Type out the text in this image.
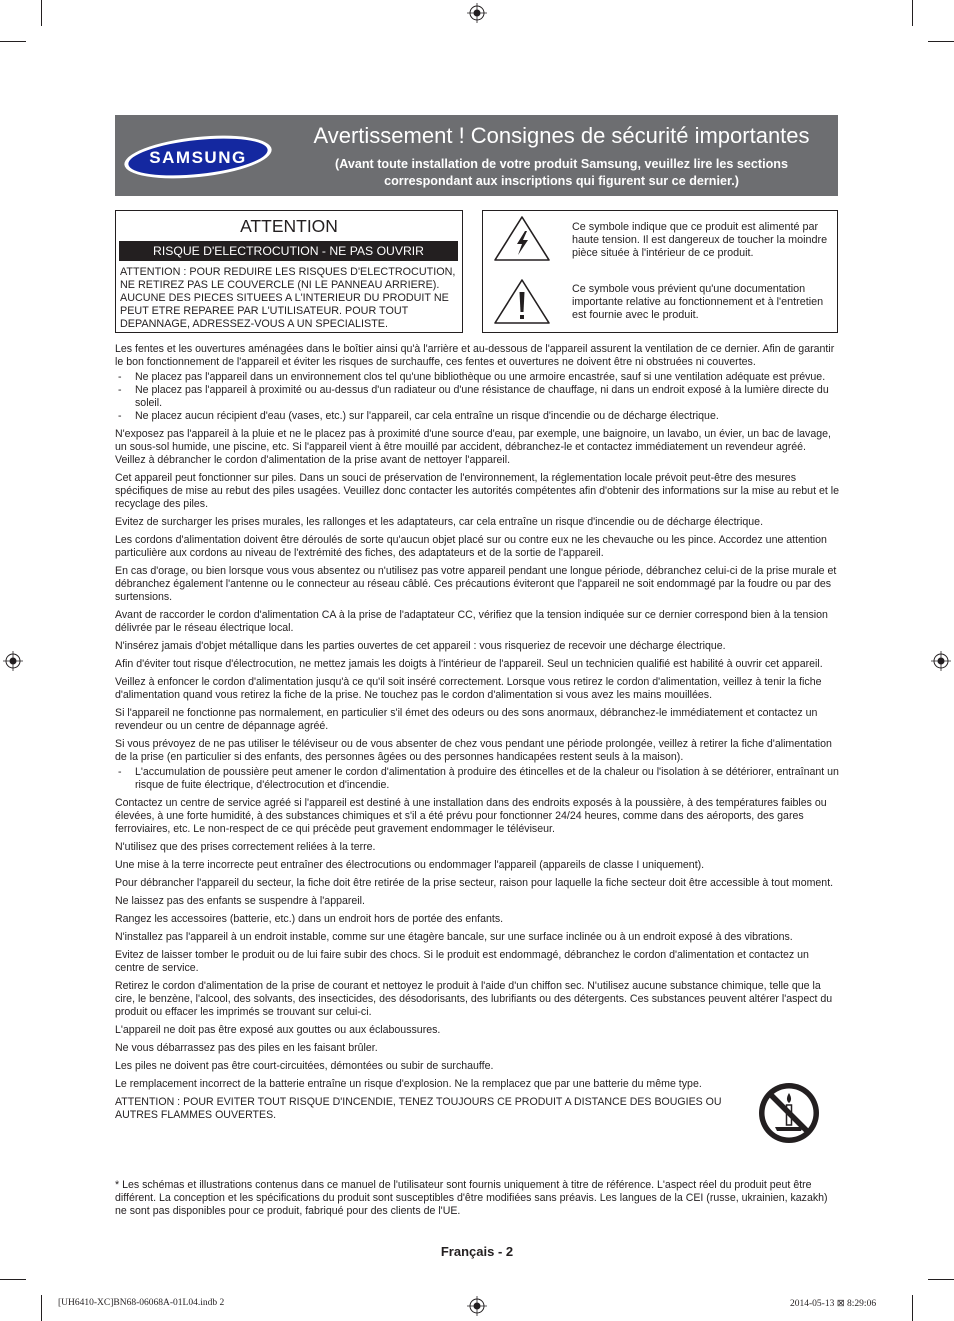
SAMSUNG
Avertissement ! Consignes de sécurité importantes
(Avant toute installation de votre produit Samsung, veuillez lire les sections
correspondant aux inscriptions qui figurent sur ce dernier.)
ATTENTION
RISQUE D'ELECTROCUTION - NE PAS OUVRIR
ATTENTION : POUR REDUIRE LES RISQUES D'ELECTROCUTION, NE RETIREZ PAS LE COUVERCLE (NI LE PANNEAU ARRIERE). AUCUNE DES PIECES SITUEES A L'INTERIEUR DU PRODUIT NE PEUT ETRE REPAREE PAR L'UTILISATEUR. POUR TOUT DEPANNAGE, ADRESSEZ-VOUS A UN SPECIALISTE.
Ce symbole indique que ce produit est alimenté par haute tension. Il est dangereux de toucher la moindre pièce située à l'intérieur de ce produit.
Ce symbole vous prévient qu'une documentation importante relative au fonctionnement et à l'entretien est fournie avec le produit.

Les fentes et les ouvertures aménagées dans le boîtier ainsi qu'à l'arrière et au-dessous de l'appareil assurent la ventilation de ce dernier. Afin de garantir le bon fonctionnement de l'appareil et éviter les risques de surchauffe, ces fentes et ouvertures ne doivent être ni obstruées ni couvertes.

- Ne placez pas l'appareil dans un environnement clos tel qu'une bibliothèque ou une armoire encastrée, sauf si une ventilation adéquate est prévue.

- Ne placez pas l'appareil à proximité ou au-dessus d'un radiateur ou d'une résistance de chauffage, ni dans un endroit exposé à la lumière directe du soleil.

- Ne placez aucun récipient d'eau (vases, etc.) sur l'appareil, car cela entraîne un risque d'incendie ou de décharge électrique.

N'exposez pas l'appareil à la pluie et ne le placez pas à proximité d'une source d'eau, par exemple, une baignoire, un lavabo, un évier, un bac de lavage, un sous-sol humide, une piscine, etc. Si l'appareil vient à être mouillé par accident, débranchez-le et contactez immédiatement un revendeur agréé. Veillez à débrancher le cordon d'alimentation de la prise avant de nettoyer l'appareil.

Cet appareil peut fonctionner sur piles. Dans un souci de préservation de l'environnement, la réglementation locale prévoit peut-être des mesures spécifiques de mise au rebut des piles usagées. Veuillez donc contacter les autorités compétentes afin d'obtenir des informations sur la mise au rebut et le recyclage des piles.

Evitez de surcharger les prises murales, les rallonges et les adaptateurs, car cela entraîne un risque d'incendie ou de décharge électrique.

Les cordons d'alimentation doivent être déroulés de sorte qu'aucun objet placé sur ou contre eux ne les chevauche ou les pince. Accordez une attention particulière aux cordons au niveau de l'extrémité des fiches, des adaptateurs et de la sortie de l'appareil.

En cas d'orage, ou bien lorsque vous vous absentez ou n'utilisez pas votre appareil pendant une longue période, débranchez celui-ci de la prise murale et débranchez également l'antenne ou le connecteur au réseau câblé. Ces précautions éviteront que l'appareil ne soit endommagé par la foudre ou par des surtensions.

Avant de raccorder le cordon d'alimentation CA à la prise de l'adaptateur CC, vérifiez que la tension indiquée sur ce dernier correspond bien à la tension délivrée par le réseau électrique local.

N'insérez jamais d'objet métallique dans les parties ouvertes de cet appareil : vous risqueriez de recevoir une décharge électrique.

Afin d'éviter tout risque d'électrocution, ne mettez jamais les doigts à l'intérieur de l'appareil. Seul un technicien qualifié est habilité à ouvrir cet appareil.

Veillez à enfoncer le cordon d'alimentation jusqu'à ce qu'il soit inséré correctement. Lorsque vous retirez le cordon d'alimentation, veillez à tenir la fiche d'alimentation quand vous retirez la fiche de la prise. Ne touchez pas le cordon d'alimentation si vous avez les mains mouillées.

Si l'appareil ne fonctionne pas normalement, en particulier s'il émet des odeurs ou des sons anormaux, débranchez-le immédiatement et contactez un revendeur ou un centre de dépannage agréé.

Si vous prévoyez de ne pas utiliser le téléviseur ou de vous absenter de chez vous pendant une période prolongée, veillez à retirer la fiche d'alimentation de la prise (en particulier si des enfants, des personnes âgées ou des personnes handicapées restent seuls à la maison).

- L'accumulation de poussière peut amener le cordon d'alimentation à produire des étincelles et de la chaleur ou l'isolation à se détériorer, entraînant un risque de fuite électrique, d'électrocution et d'incendie.

Contactez un centre de service agréé si l'appareil est destiné à une installation dans des endroits exposés à la poussière, à des températures faibles ou élevées, à une forte humidité, à des substances chimiques et s'il a été prévu pour fonctionner 24/24 heures, comme dans des aéroports, des gares ferroviaires, etc. Le non-respect de ce qui précède peut gravement endommager le téléviseur.

N'utilisez que des prises correctement reliées à la terre.

Une mise à la terre incorrecte peut entraîner des électrocutions ou endommager l'appareil (appareils de classe I uniquement).

Pour débrancher l'appareil du secteur, la fiche doit être retirée de la prise secteur, raison pour laquelle la fiche secteur doit être accessible à tout moment.

Ne laissez pas des enfants se suspendre à l'appareil.

Rangez les accessoires (batterie, etc.) dans un endroit hors de portée des enfants.

N'installez pas l'appareil à un endroit instable, comme sur une étagère bancale, sur une surface inclinée ou à un endroit exposé à des vibrations.

Evitez de laisser tomber le produit ou de lui faire subir des chocs. Si le produit est endommagé, débranchez le cordon d'alimentation et contactez un centre de service.

Retirez le cordon d'alimentation de la prise de courant et nettoyez le produit à l'aide d'un chiffon sec. N'utilisez aucune substance chimique, telle que la cire, le benzène, l'alcool, des solvants, des insecticides, des désodorisants, des lubrifiants ou des détergents. Ces substances peuvent altérer l'aspect du produit ou effacer les imprimés se trouvant sur celui-ci.

L'appareil ne doit pas être exposé aux gouttes ou aux éclaboussures.

Ne vous débarrassez pas des piles en les faisant brûler.

Les piles ne doivent pas être court-circuitées, démontées ou subir de surchauffe.

Le remplacement incorrect de la batterie entraîne un risque d'explosion. Ne la remplacez que par une batterie du même type.

ATTENTION : POUR EVITER TOUT RISQUE D'INCENDIE, TENEZ TOUJOURS CE PRODUIT A DISTANCE DES BOUGIES OU AUTRES FLAMMES OUVERTES.

* Les schémas et illustrations contenus dans ce manuel de l'utilisateur sont fournis uniquement à titre de référence. L'aspect réel du produit peut être différent. La conception et les spécifications du produit sont susceptibles d'être modifiées sans préavis. Les langues de la CEI (russe, ukrainien, kazakh) ne sont pas disponibles pour ce produit, fabriqué pour des clients de l'UE.
Français - 2
[UH6410-XC]BN68-06068A-01L04.indb 2	2014-05-13 ⊠ 8:29:06
